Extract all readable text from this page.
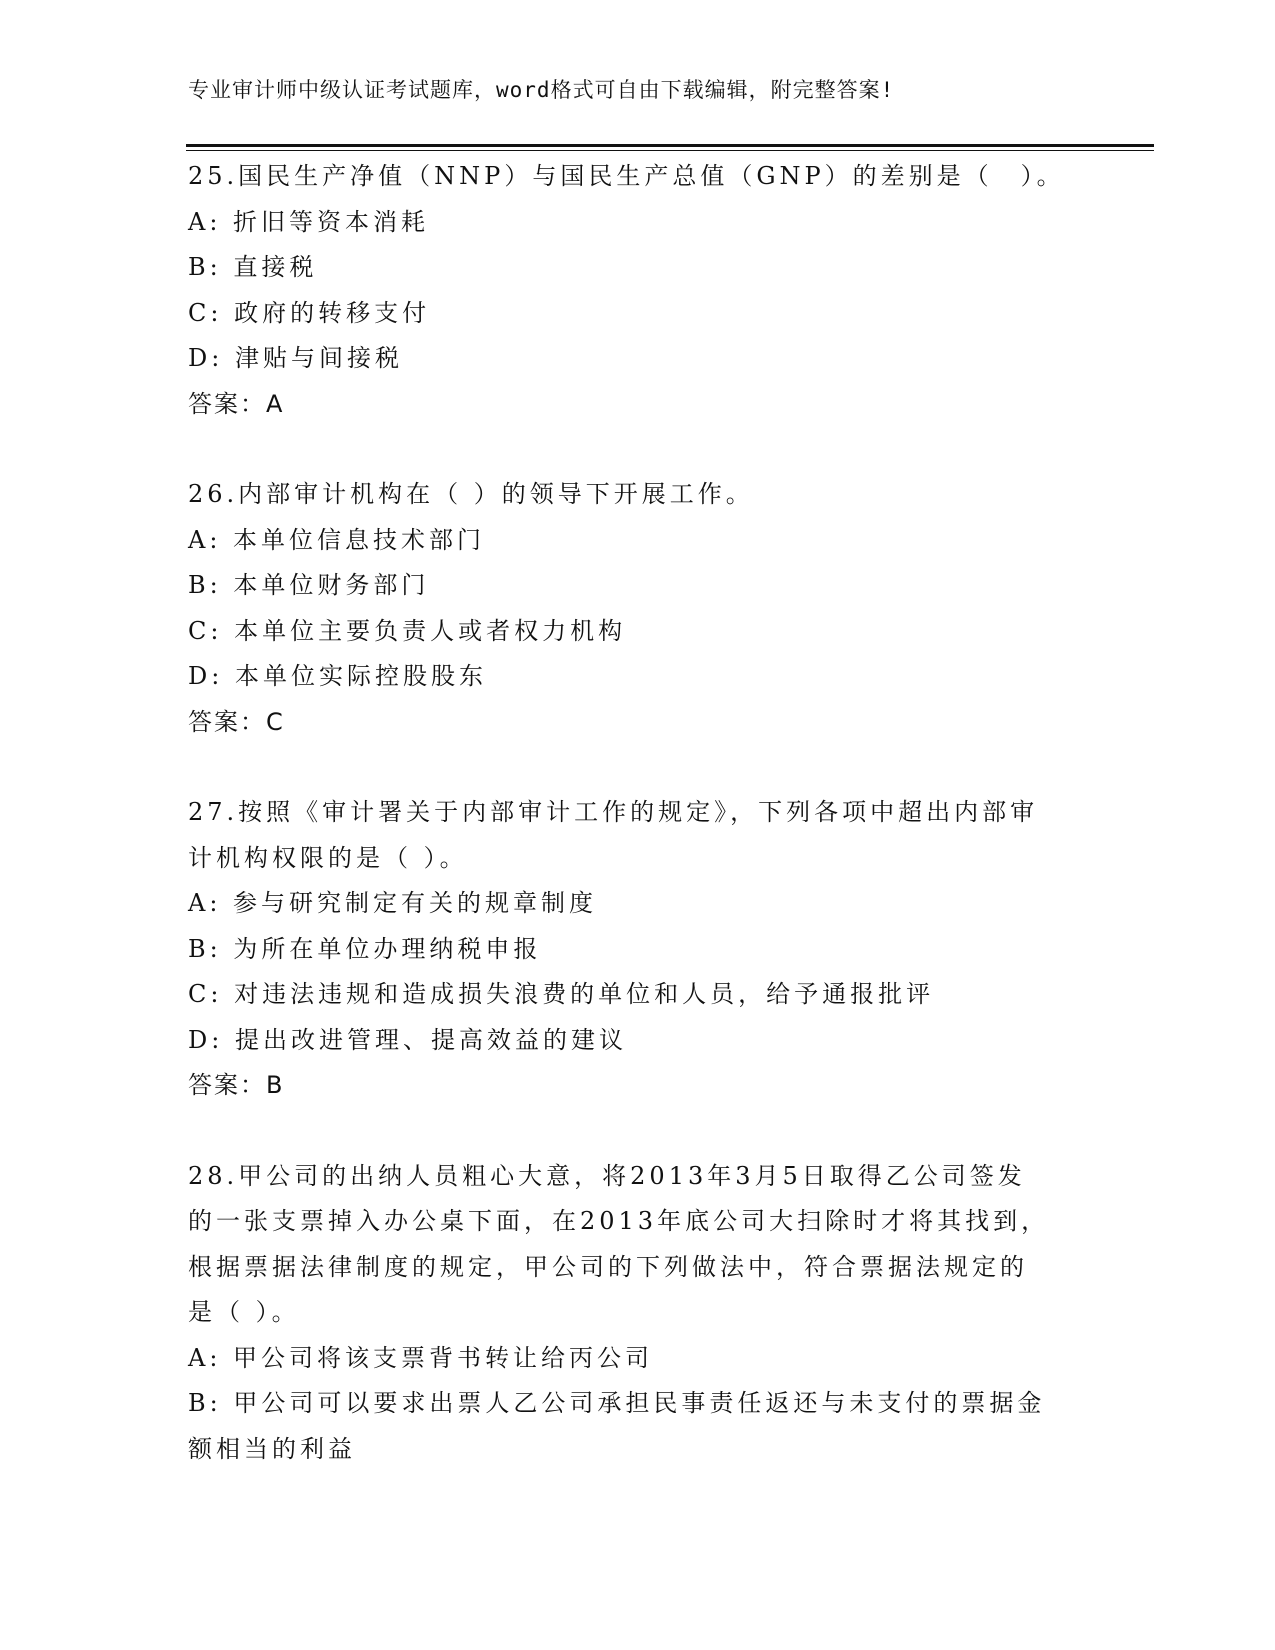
专业审计师中级认证考试题库，word格式可自由下载编辑，附完整答案!
25.国民生产净值（NNP）与国民生产总值（GNP）的差别是（　）。
A: 折旧等资本消耗
B: 直接税
C: 政府的转移支付
D: 津贴与间接税
答案：A
26.内部审计机构在（ ）的领导下开展工作。
A: 本单位信息技术部门
B: 本单位财务部门
C: 本单位主要负责人或者权力机构
D: 本单位实际控股股东
答案：C
27.按照《审计署关于内部审计工作的规定》，下列各项中超出内部审
计机构权限的是（ ）。
A: 参与研究制定有关的规章制度
B: 为所在单位办理纳税申报
C: 对违法违规和造成损失浪费的单位和人员，给予通报批评
D: 提出改进管理、提高效益的建议
答案：B
28.甲公司的出纳人员粗心大意，将2013年3月5日取得乙公司签发
的一张支票掉入办公桌下面，在2013年底公司大扫除时才将其找到，
根据票据法律制度的规定，甲公司的下列做法中，符合票据法规定的
是（ ）。
A: 甲公司将该支票背书转让给丙公司
B: 甲公司可以要求出票人乙公司承担民事责任返还与未支付的票据金
额相当的利益
